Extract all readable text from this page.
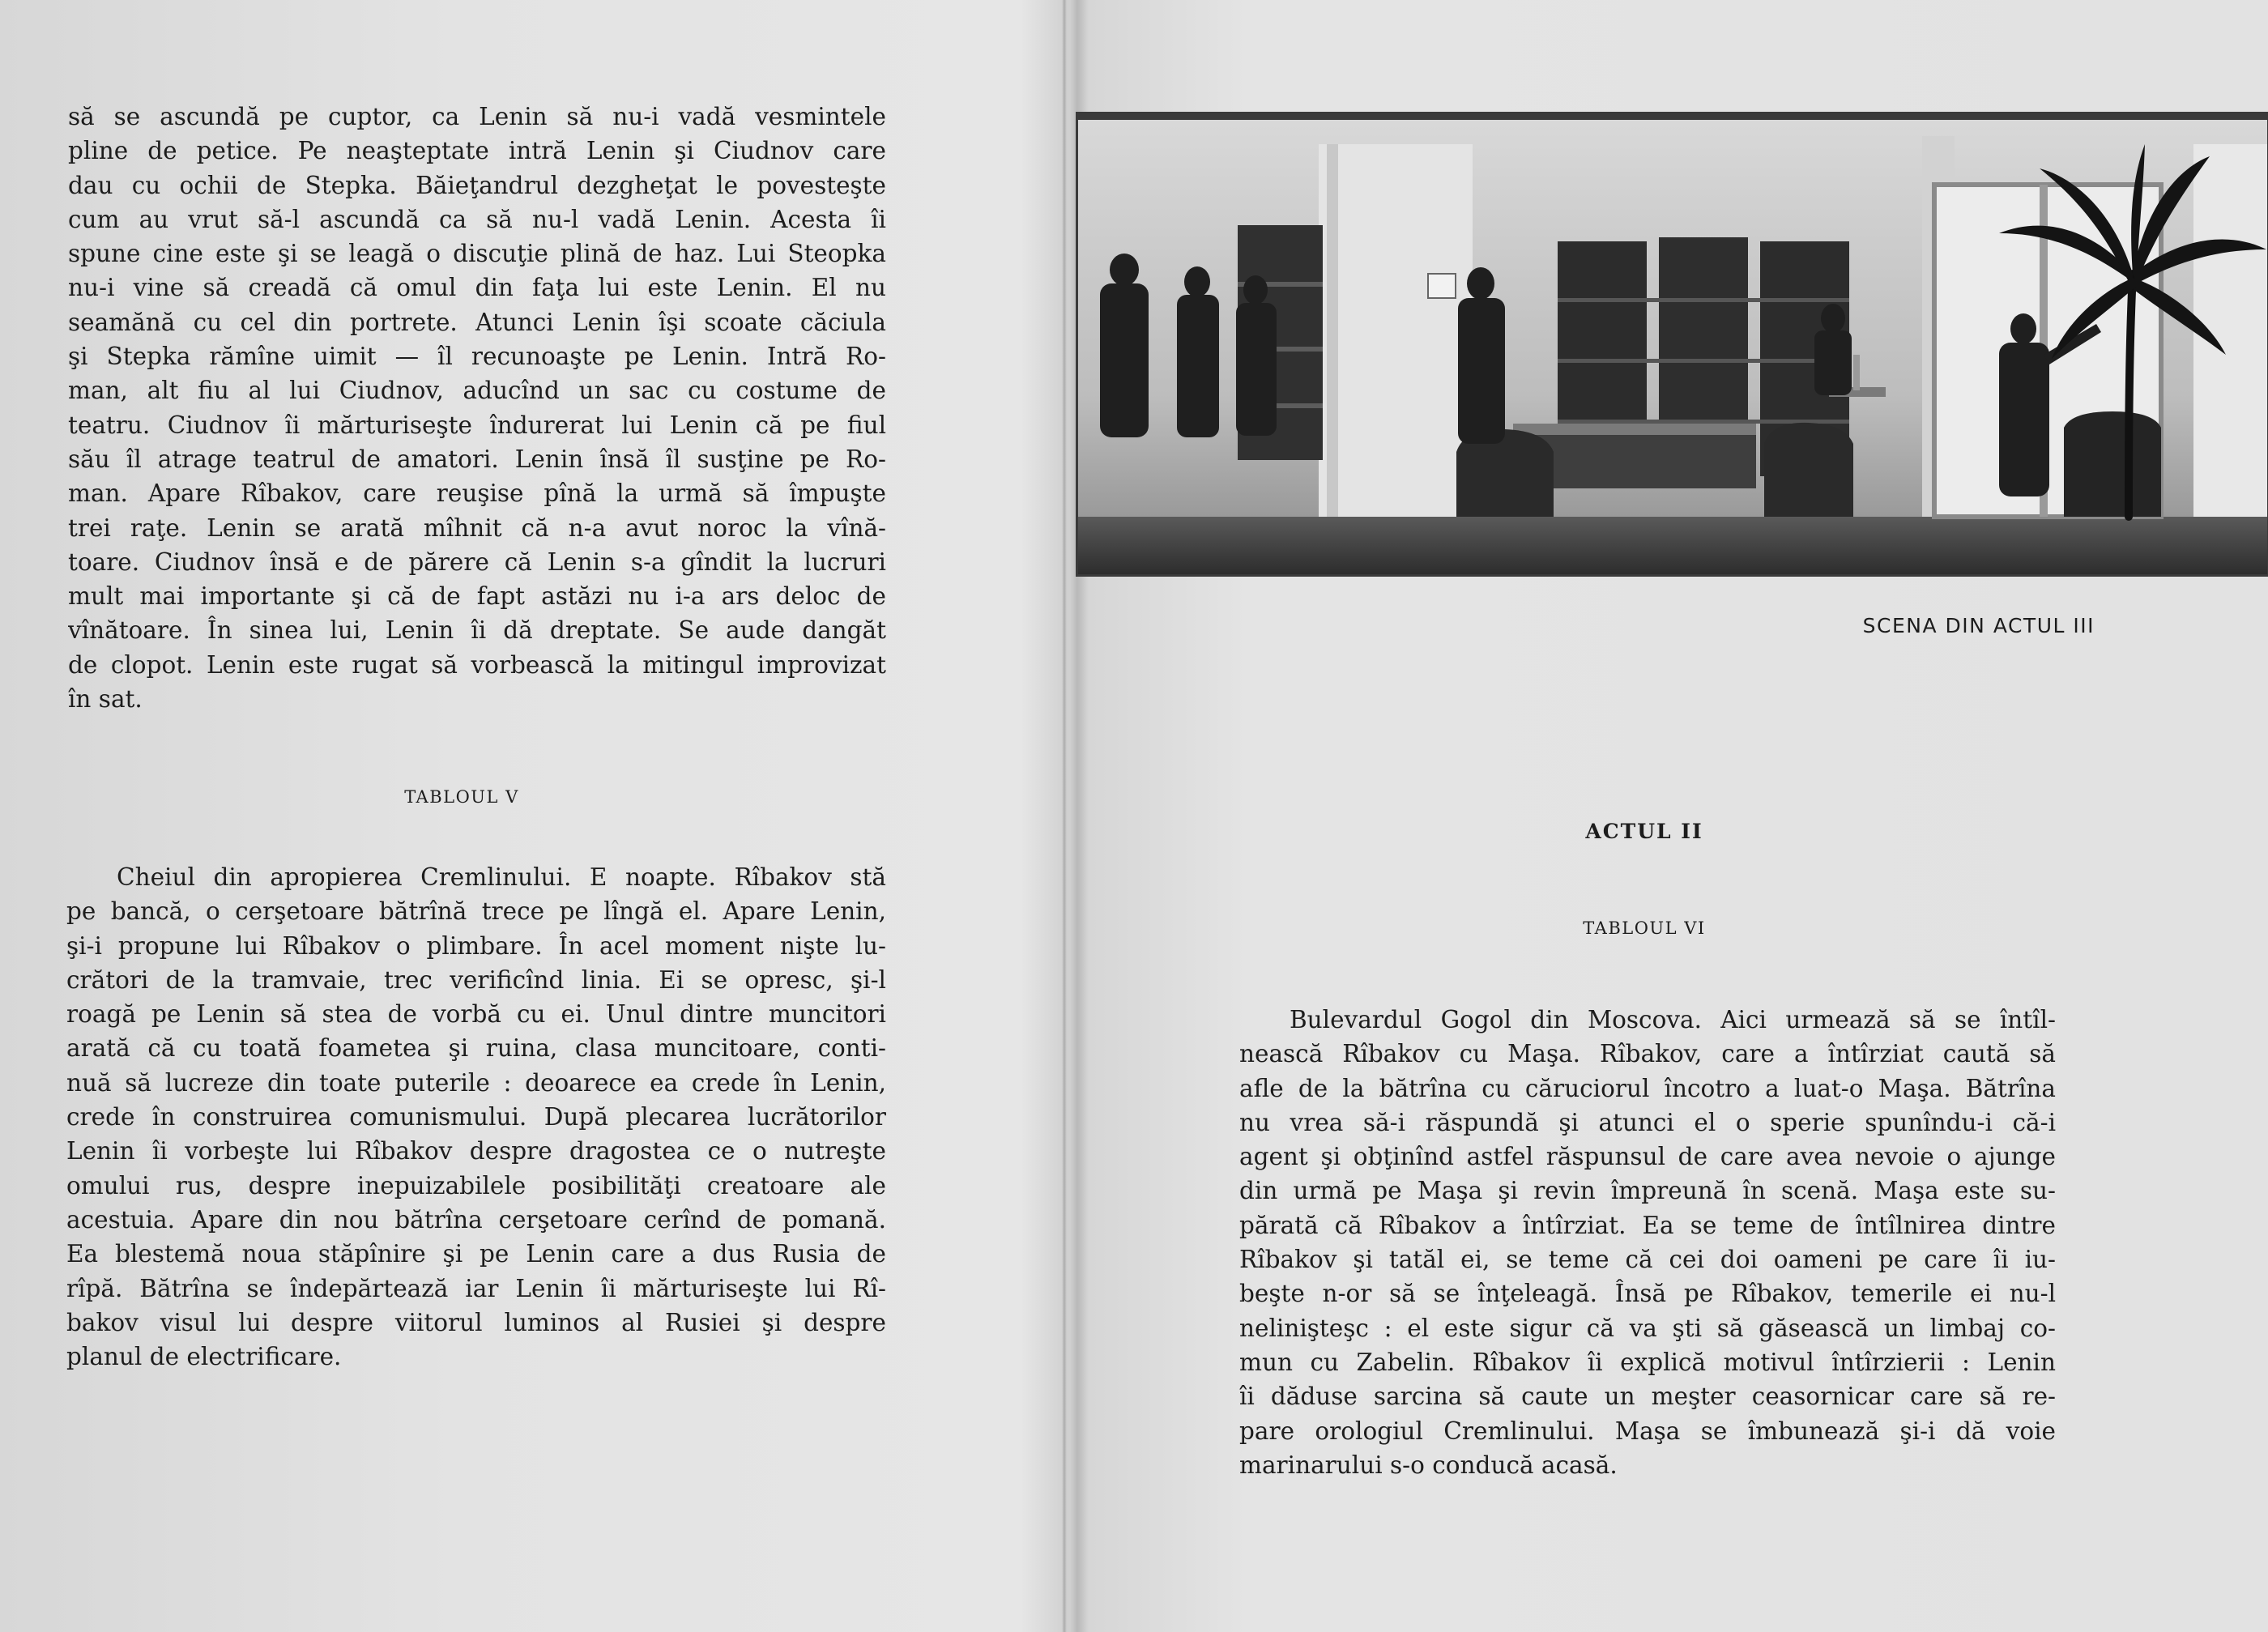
să se ascundă pe cuptor, ca Lenin să nu-i vadă vesmintele
pline de petice. Pe neaşteptate intră Lenin şi Ciudnov care
dau cu ochii de Stepka. Băieţandrul dezgheţat le povesteşte
cum au vrut să-l ascundă ca să nu-l vadă Lenin. Acesta îi
spune cine este şi se leagă o discuţie plină de haz. Lui Steopka
nu-i vine să creadă că omul din faţa lui este Lenin. El nu
seamănă cu cel din portrete. Atunci Lenin îşi scoate căciula
şi Stepka rămîne uimit — îl recunoaşte pe Lenin. Intră Ro-
man, alt fiu al lui Ciudnov, aducînd un sac cu costume de
teatru. Ciudnov îi mărturiseşte îndurerat lui Lenin că pe fiul
său îl atrage teatrul de amatori. Lenin însă îl susţine pe Ro-
man. Apare Rîbakov, care reuşise pînă la urmă să împuşte
trei raţe. Lenin se arată mîhnit că n-a avut noroc la vînă-
toare. Ciudnov însă e de părere că Lenin s-a gîndit la lucruri
mult mai importante şi că de fapt astăzi nu i-a ars deloc de
vînătoare. În sinea lui, Lenin îi dă dreptate. Se aude dangăt
de clopot. Lenin este rugat să vorbească la mitingul improvizat
în sat.
TABLOUL V
Cheiul din apropierea Cremlinului. E noapte. Rîbakov stă
pe bancă, o cerşetoare bătrînă trece pe lîngă el. Apare Lenin,
şi-i propune lui Rîbakov o plimbare. În acel moment nişte lu-
crători de la tramvaie, trec verificînd linia. Ei se opresc, şi-l
roagă pe Lenin să stea de vorbă cu ei. Unul dintre muncitori
arată că cu toată foametea şi ruina, clasa muncitoare, conti-
nuă să lucreze din toate puterile : deoarece ea crede în Lenin,
crede în construirea comunismului. După plecarea lucrătorilor
Lenin îi vorbeşte lui Rîbakov despre dragostea ce o nutreşte
omului rus, despre inepuizabilele posibilităţi creatoare ale
acestuia. Apare din nou bătrîna cerşetoare cerînd de pomană.
Ea blestemă noua stăpînire şi pe Lenin care a dus Rusia de
rîpă. Bătrîna se îndepărtează iar Lenin îi mărturiseşte lui Rî-
bakov visul lui despre viitorul luminos al Rusiei şi despre
planul de electrificare.
SCENA DIN ACTUL III
ACTUL II
TABLOUL VI
Bulevardul Gogol din Moscova. Aici urmează să se întîl-
nească Rîbakov cu Maşa. Rîbakov, care a întîrziat caută să
afle de la bătrîna cu căruciorul încotro a luat-o Maşa. Bătrîna
nu vrea să-i răspundă şi atunci el o sperie spunîndu-i că-i
agent şi obţinînd astfel răspunsul de care avea nevoie o ajunge
din urmă pe Maşa şi revin împreună în scenă. Maşa este su-
părată că Rîbakov a întîrziat. Ea se teme de întîlnirea dintre
Rîbakov şi tatăl ei, se teme că cei doi oameni pe care îi iu-
beşte n-or să se înţeleagă. Însă pe Rîbakov, temerile ei nu-l
nelinişteşc : el este sigur că va şti să găsească un limbaj co-
mun cu Zabelin. Rîbakov îi explică motivul întîrzierii : Lenin
îi dăduse sarcina să caute un meşter ceasornicar care să re-
pare orologiul Cremlinului. Maşa se îmbunează şi-i dă voie
marinarului s-o conducă acasă.
